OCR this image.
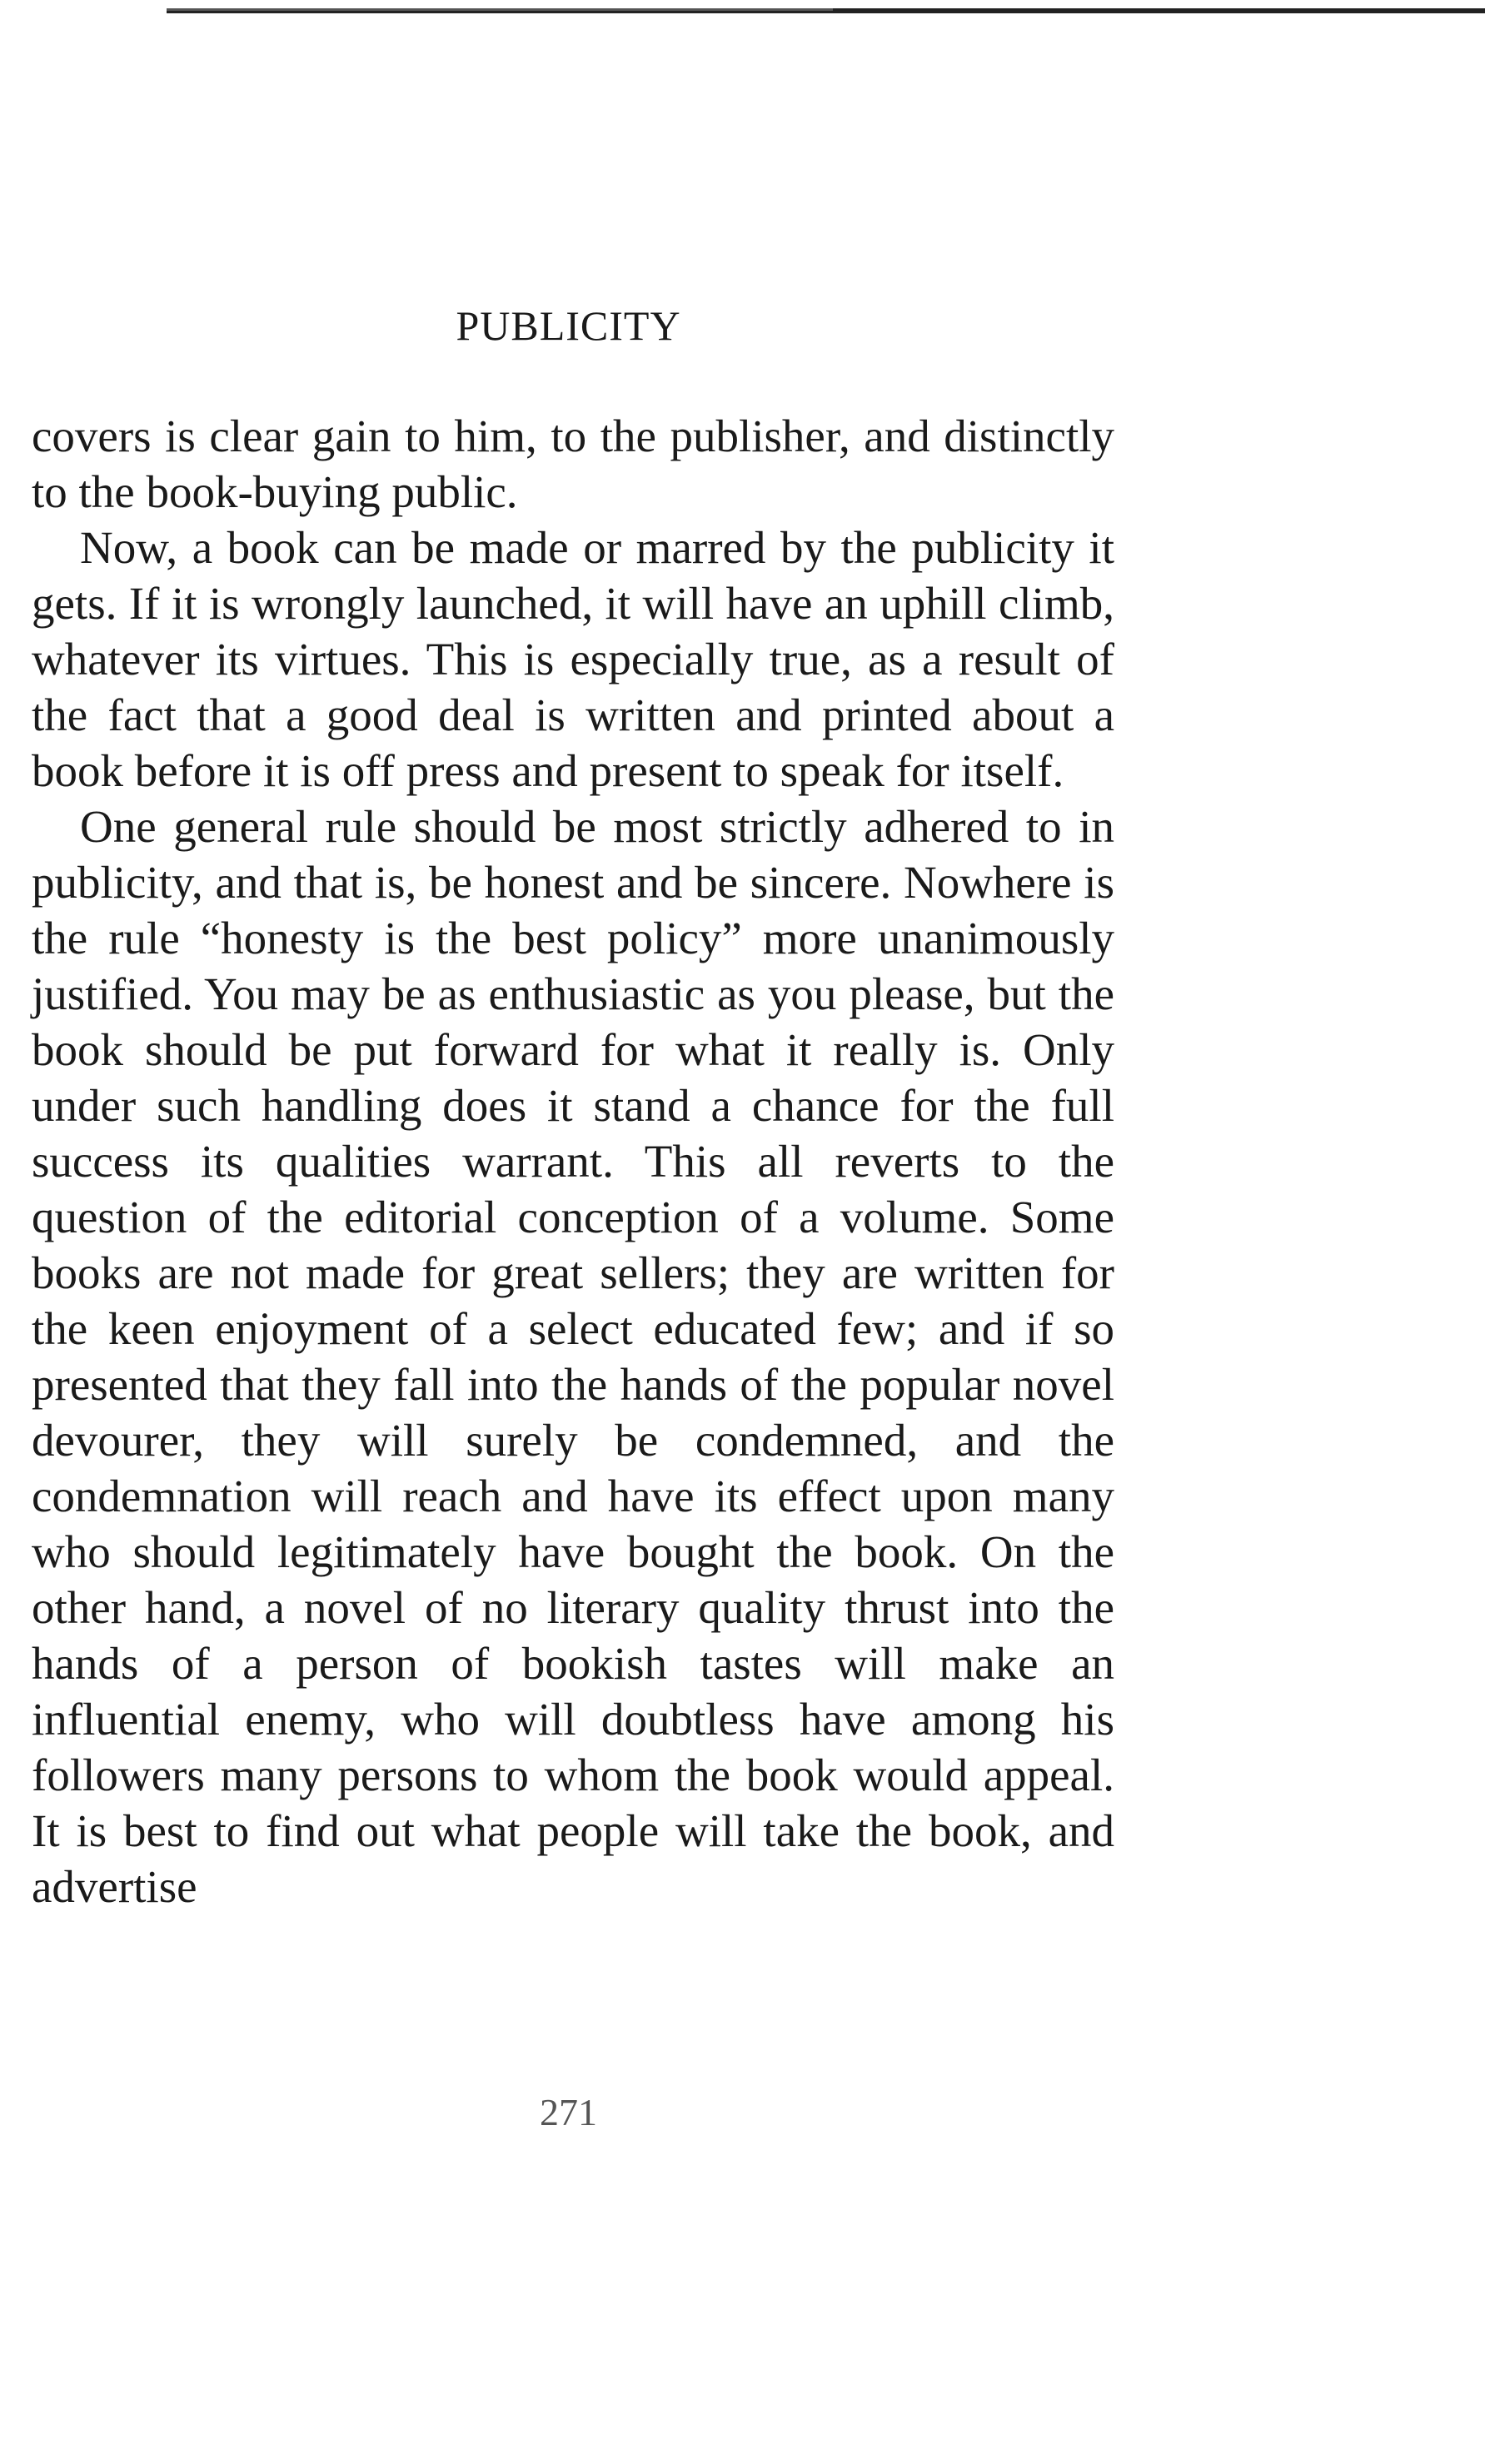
PUBLICITY

covers is clear gain to him, to the publisher, and distinctly to the book-buying public.

Now, a book can be made or marred by the publicity it gets. If it is wrongly launched, it will have an uphill climb, whatever its virtues. This is especially true, as a result of the fact that a good deal is written and printed about a book before it is off press and present to speak for itself.

One general rule should be most strictly adhered to in publicity, and that is, be honest and be sincere. Nowhere is the rule “honesty is the best policy” more unanimously justified. You may be as enthusiastic as you please, but the book should be put forward for what it really is. Only under such handling does it stand a chance for the full success its qualities warrant. This all reverts to the question of the editorial conception of a volume. Some books are not made for great sellers; they are written for the keen enjoyment of a select educated few; and if so presented that they fall into the hands of the popular novel devourer, they will surely be condemned, and the condemnation will reach and have its effect upon many who should legitimately have bought the book. On the other hand, a novel of no literary quality thrust into the hands of a person of bookish tastes will make an influential enemy, who will doubtless have among his followers many persons to whom the book would appeal. It is best to find out what people will take the book, and advertise

271
